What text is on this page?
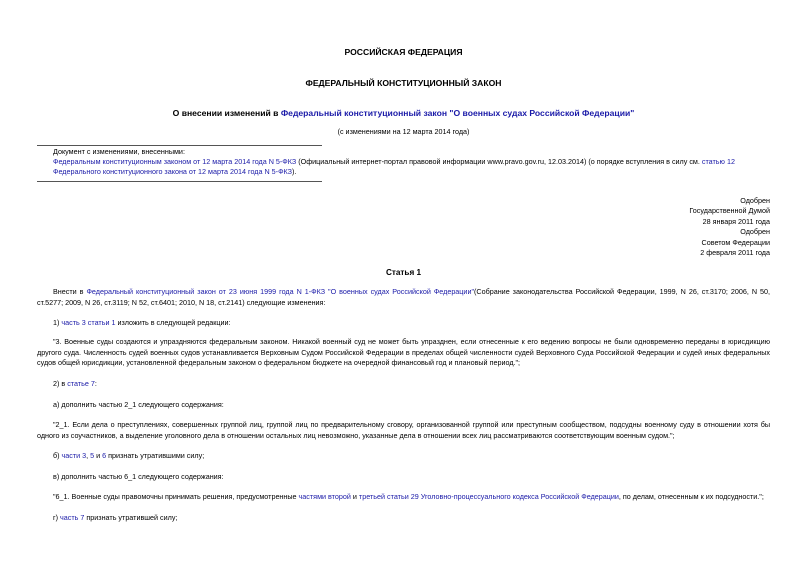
РОССИЙСКАЯ ФЕДЕРАЦИЯ
ФЕДЕРАЛЬНЫЙ КОНСТИТУЦИОННЫЙ ЗАКОН
О внесении изменений в Федеральный конституционный закон "О военных судах Российской Федерации"
(с изменениями на 12 марта 2014 года)

Документ с изменениями, внесенными:

Федеральным конституционным законом от 12 марта 2014 года N 5-ФКЗ (Официальный интернет-портал правовой информации www.pravo.gov.ru, 12.03.2014) (о порядке вступления в силу см. статью 12 Федерального конституционного закона от 12 марта 2014 года N 5-ФКЗ).

Одобрен
Государственной Думой
28 января 2011 года
Одобрен
Советом Федерации
2 февраля 2011 года
Статья 1
Внести в Федеральный конституционный закон от 23 июня 1999 года N 1-ФКЗ "О военных судах Российской Федерации"(Собрание законодательства Российской Федерации, 1999, N 26, ст.3170; 2006, N 50, ст.5277; 2009, N 26, ст.3119; N 52, ст.6401; 2010, N 18, ст.2141) следующие изменения:
1) часть 3 статьи 1 изложить в следующей редакции:
"3. Военные суды создаются и упраздняются федеральным законом. Никакой военный суд не может быть упразднен, если отнесенные к его ведению вопросы не были одновременно переданы в юрисдикцию другого суда. Численность судей военных судов устанавливается Верховным Судом Российской Федерации в пределах общей численности судей Верховного Суда Российской Федерации и судей иных федеральных судов общей юрисдикции, установленной федеральным законом о федеральном бюджете на очередной финансовый год и плановый период.";
2) в статье 7:
а) дополнить частью 2_1 следующего содержания:
"2_1. Если дела о преступлениях, совершенных группой лиц, группой лиц по предварительному сговору, организованной группой или преступным сообществом, подсудны военному суду в отношении хотя бы одного из соучастников, а выделение уголовного дела в отношении остальных лиц невозможно, указанные дела в отношении всех лиц рассматриваются соответствующим военным судом.";
б) части 3, 5 и 6 признать утратившими силу;
в) дополнить частью 6_1 следующего содержания:
"6_1. Военные суды правомочны принимать решения, предусмотренные частями второй и третьей статьи 29 Уголовно-процессуального кодекса Российской Федерации, по делам, отнесенным к их подсудности.";
г) часть 7 признать утратившей силу;
